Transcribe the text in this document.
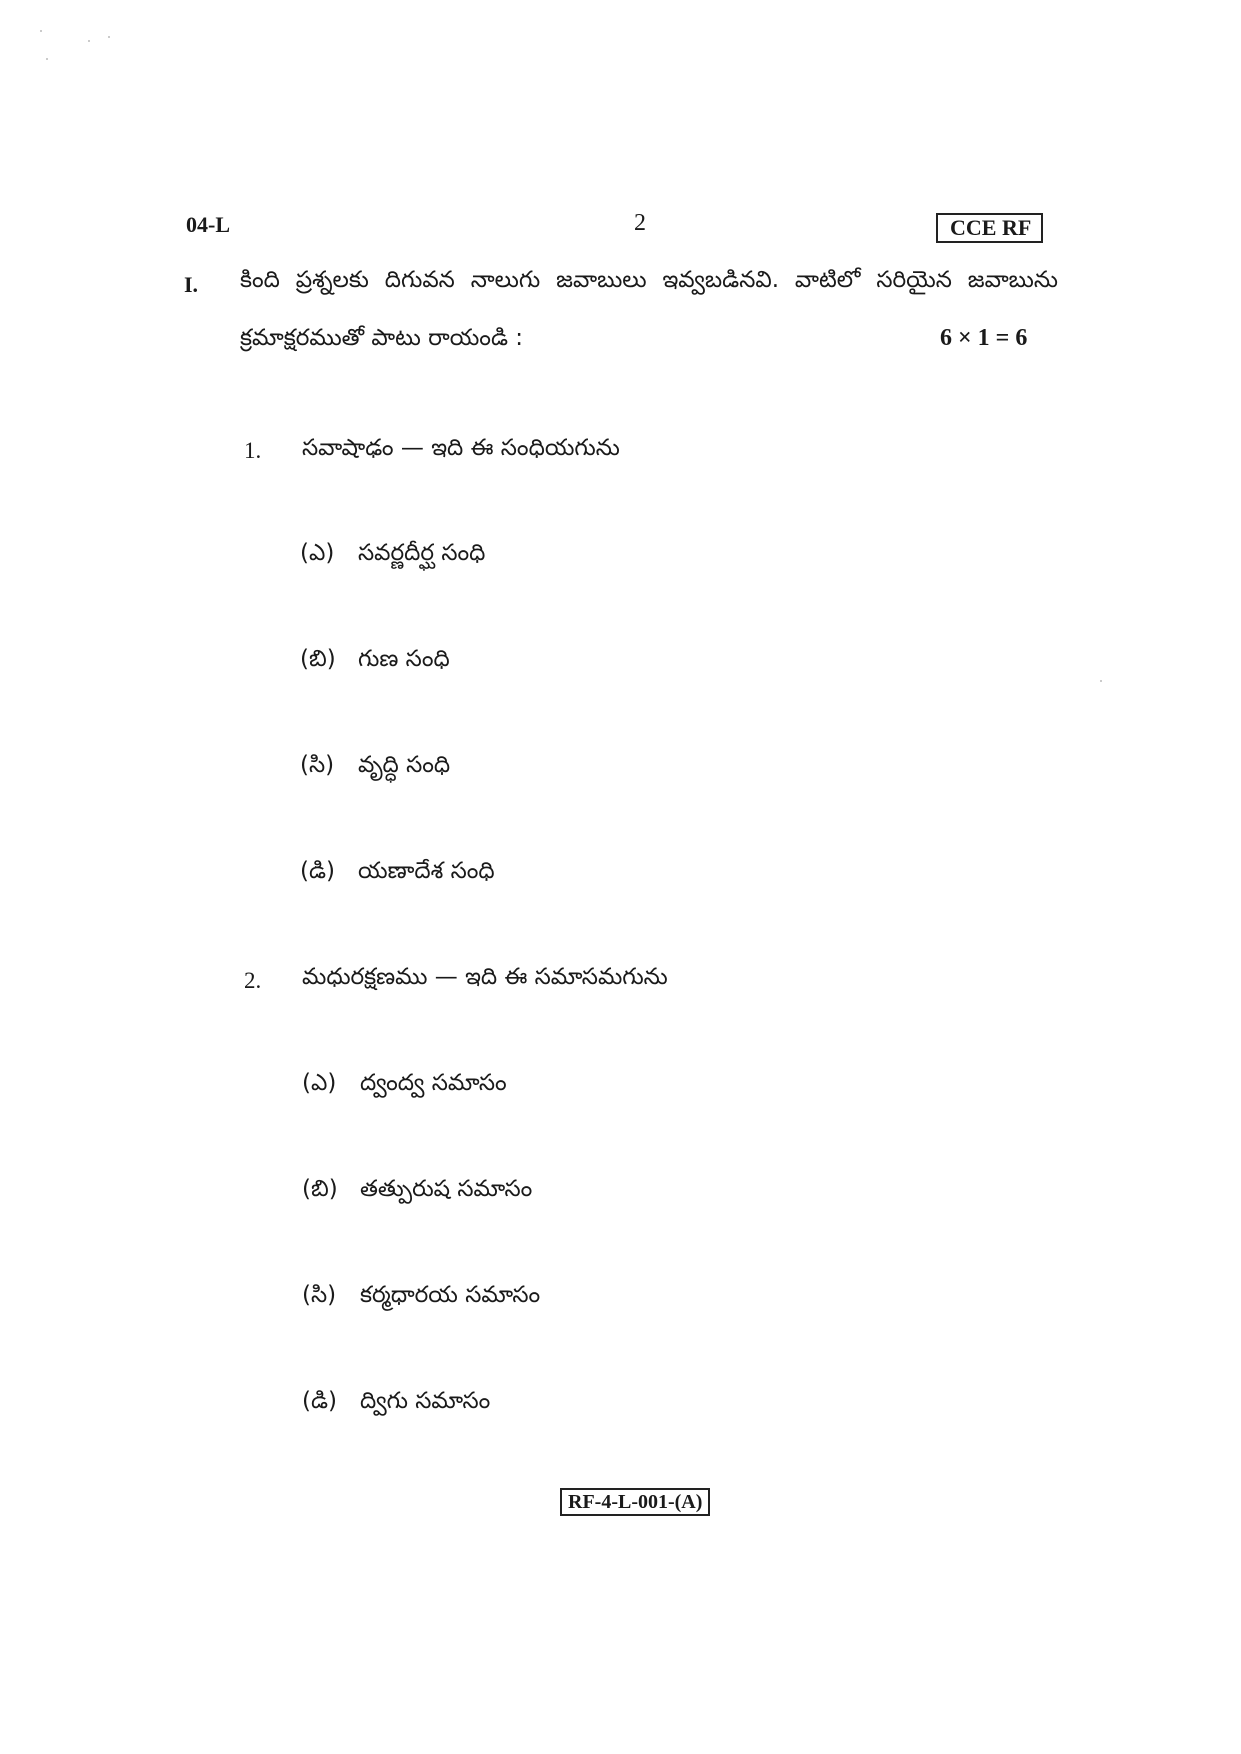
04-L	2	CCE RF
I. కింది ప్రశ్నలకు దిగువన నాలుగు జవాబులు ఇవ్వబడినవి. వాటిలో సరియైన జవాబును
క్రమాక్షరముతో పాటు రాయండి :	6 × 1 = 6
1. సవాషాఢం — ఇది ఈ సంధియగును
(ఎ) సవర్ణదీర్ఘ సంధి
(బి) గుణ సంధి
(సి) వృద్ధి సంధి
(డి) యణాదేశ సంధి
2. మధురక్షణము — ఇది ఈ సమాసమగును
(ఎ) ద్వంద్వ సమాసం
(బి) తత్పురుష సమాసం
(సి) కర్మధారయ సమాసం
(డి) ద్విగు సమాసం
RF-4-L-001-(A)
